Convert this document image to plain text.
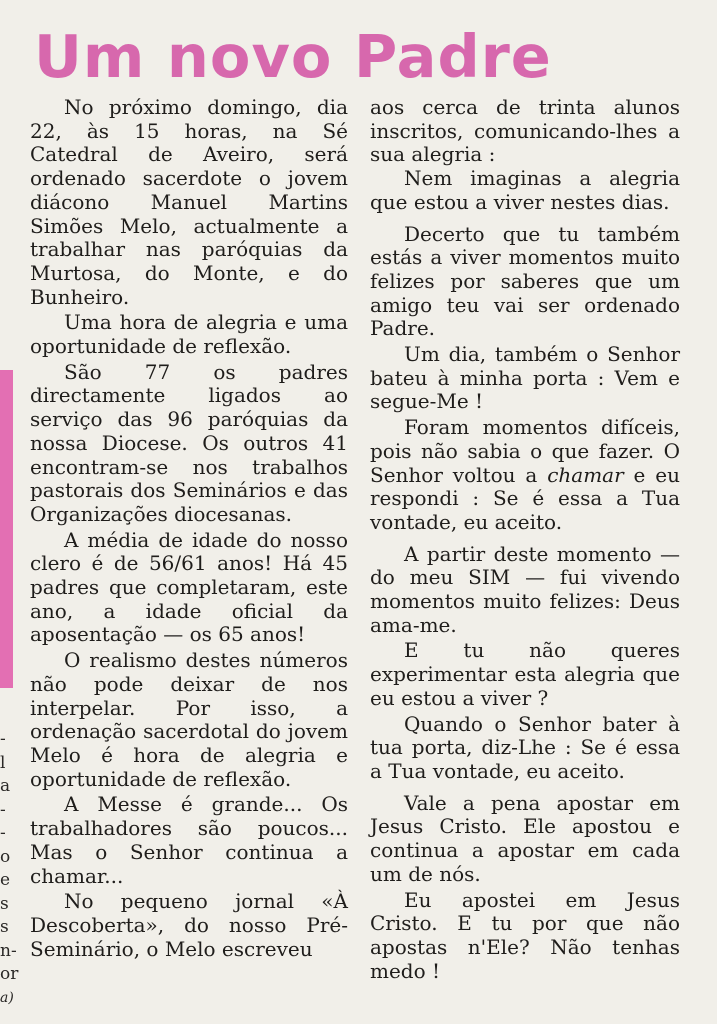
Um novo Padre
-
l
a
-
-
o
e
s
s
n-
or
a)

No próximo domingo, dia 22, às 15 horas, na Sé Catedral de Aveiro, será ordenado sacerdote o jovem diácono Manuel Martins Simões Melo, actualmente a trabalhar nas paróquias da Murtosa, do Monte, e do Bunheiro.

Uma hora de alegria e uma oportunidade de reflexão.

São 77 os padres directamente ligados ao serviço das 96 paróquias da nossa Diocese. Os outros 41 encontram-se nos trabalhos pastorais dos Seminários e das Organizações diocesanas.

A média de idade do nosso clero é de 56/61 anos! Há 45 padres que completaram, este ano, a idade oficial da aposentação — os 65 anos!

O realismo destes números não pode deixar de nos interpelar. Por isso, a ordenação sacerdotal do jovem Melo é hora de alegria e oportunidade de reflexão.

A Messe é grande... Os trabalhadores são poucos... Mas o Senhor continua a chamar...

No pequeno jornal «À Descoberta», do nosso Pré-Seminário, o Melo escreveu

aos cerca de trinta alunos inscritos, comunicando-lhes a sua alegria :

Nem imaginas a alegria que estou a viver nestes dias.

Decerto que tu também estás a viver momentos muito felizes por saberes que um amigo teu vai ser ordenado Padre.

Um dia, também o Senhor bateu à minha porta : Vem e segue-Me !

Foram momentos difíceis, pois não sabia o que fazer. O Senhor voltou a chamar e eu respondi : Se é essa a Tua vontade, eu aceito.

A partir deste momento — do meu SIM — fui vivendo momentos muito felizes: Deus ama-me.

E tu não queres experimentar esta alegria que eu estou a viver ?

Quando o Senhor bater à tua porta, diz-Lhe : Se é essa a Tua vontade, eu aceito.

Vale a pena apostar em Jesus Cristo. Ele apostou e continua a apostar em cada um de nós.

Eu apostei em Jesus Cristo. E tu por que não apostas n'Ele? Não tenhas medo !
